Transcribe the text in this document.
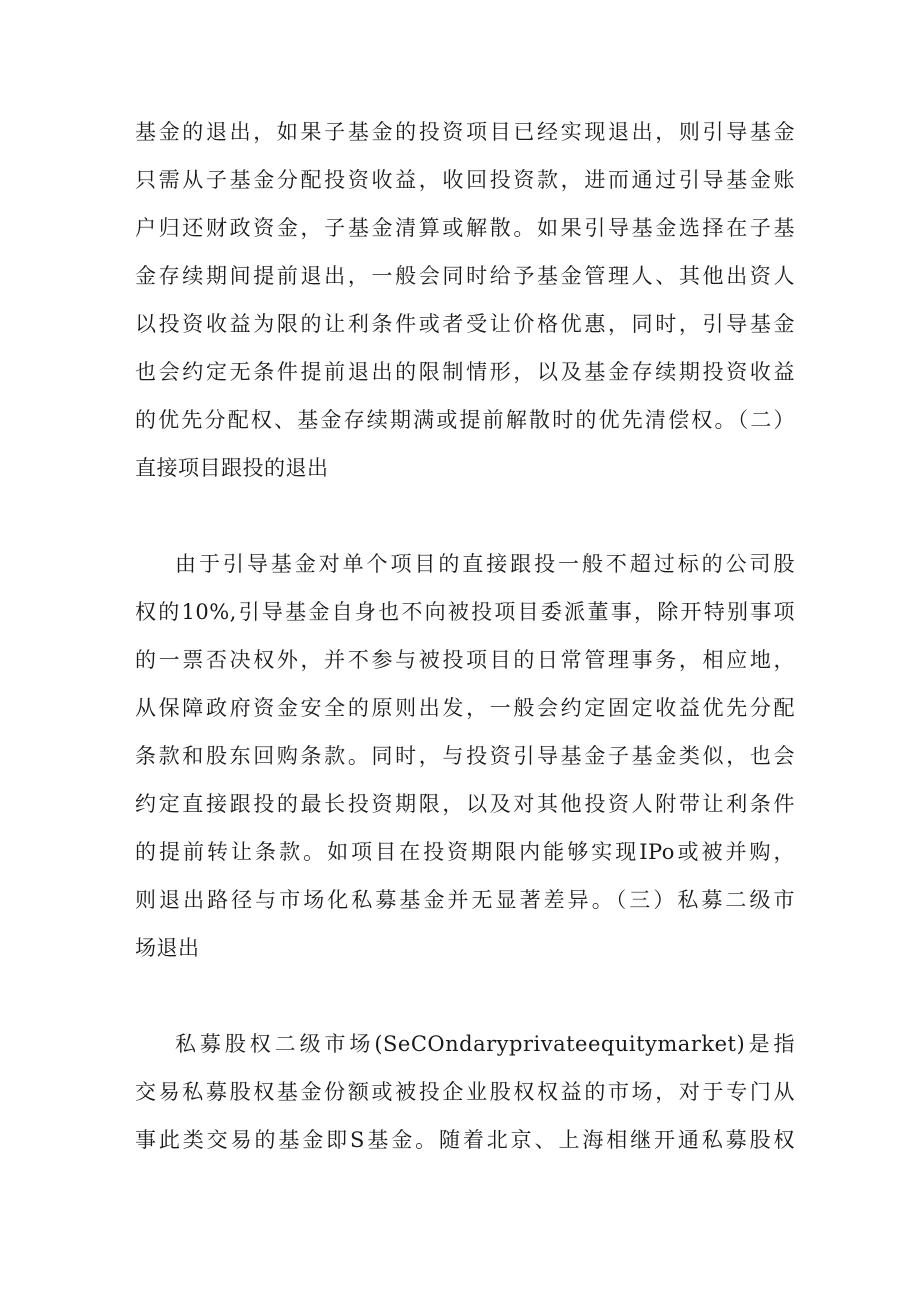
基金的退出，如果子基金的投资项目已经实现退出，则引导基金
只需从子基金分配投资收益，收回投资款，进而通过引导基金账
户归还财政资金，子基金清算或解散。如果引导基金选择在子基
金存续期间提前退出，一般会同时给予基金管理人、其他出资人
以投资收益为限的让利条件或者受让价格优惠，同时，引导基金
也会约定无条件提前退出的限制情形，以及基金存续期投资收益
的优先分配权、基金存续期满或提前解散时的优先清偿权。（二）
直接项目跟投的退出
由于引导基金对单个项目的直接跟投一般不超过标的公司股
权的10%,引导基金自身也不向被投项目委派董事，除开特别事项
的一票否决权外，并不参与被投项目的日常管理事务，相应地，
从保障政府资金安全的原则出发，一般会约定固定收益优先分配
条款和股东回购条款。同时，与投资引导基金子基金类似，也会
约定直接跟投的最长投资期限，以及对其他投资人附带让利条件
的提前转让条款。如项目在投资期限内能够实现IPo或被并购，
则退出路径与市场化私募基金并无显著差异。（三）私募二级市
场退出
私募股权二级市场(SeCOndaryprivateequitymarket)是指
交易私募股权基金份额或被投企业股权权益的市场，对于专门从
事此类交易的基金即S基金。随着北京、上海相继开通私募股权
